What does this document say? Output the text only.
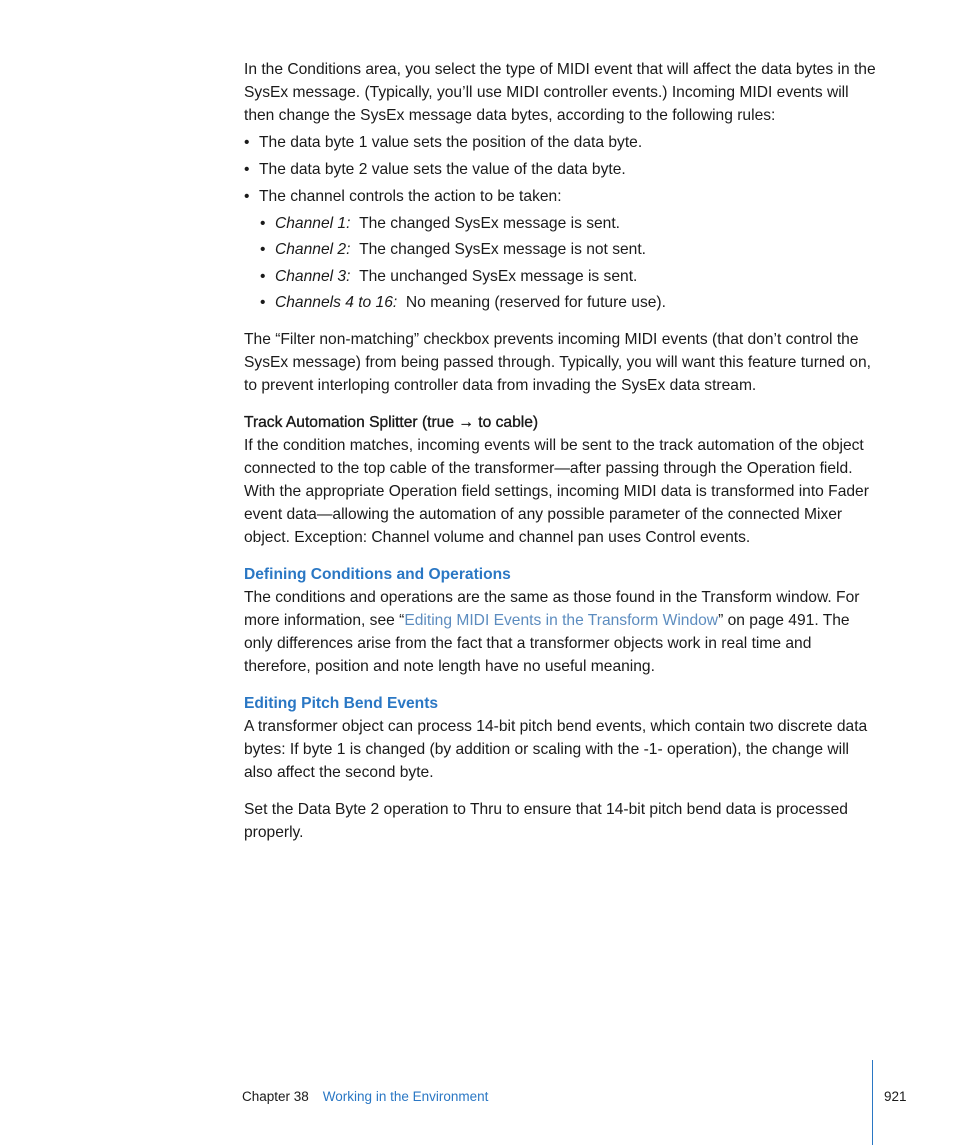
In the Conditions area, you select the type of MIDI event that will affect the data bytes in the SysEx message. (Typically, you’ll use MIDI controller events.) Incoming MIDI events will then change the SysEx message data bytes, according to the following rules:

• The data byte 1 value sets the position of the data byte.
• The data byte 2 value sets the value of the data byte.
• The channel controls the action to be taken:
• Channel 1: The changed SysEx message is sent.
• Channel 2: The changed SysEx message is not sent.
• Channel 3: The unchanged SysEx message is sent.
• Channels 4 to 16: No meaning (reserved for future use).

The “Filter non-matching” checkbox prevents incoming MIDI events (that don’t control the SysEx message) from being passed through. Typically, you will want this feature turned on, to prevent interloping controller data from invading the SysEx data stream.

Track Automation Splitter (true → to cable)

If the condition matches, incoming events will be sent to the track automation of the object connected to the top cable of the transformer—after passing through the Operation field. With the appropriate Operation field settings, incoming MIDI data is transformed into Fader event data—allowing the automation of any possible parameter of the connected Mixer object. Exception: Channel volume and channel pan uses Control events.

Defining Conditions and Operations

The conditions and operations are the same as those found in the Transform window. For more information, see “Editing MIDI Events in the Transform Window” on page 491. The only differences arise from the fact that a transformer objects work in real time and therefore, position and note length have no useful meaning.

Editing Pitch Bend Events

A transformer object can process 14-bit pitch bend events, which contain two discrete data bytes: If byte 1 is changed (by addition or scaling with the -1- operation), the change will also affect the second byte.

Set the Data Byte 2 operation to Thru to ensure that 14-bit pitch bend data is processed properly.

Chapter 38 Working in the Environment	921
